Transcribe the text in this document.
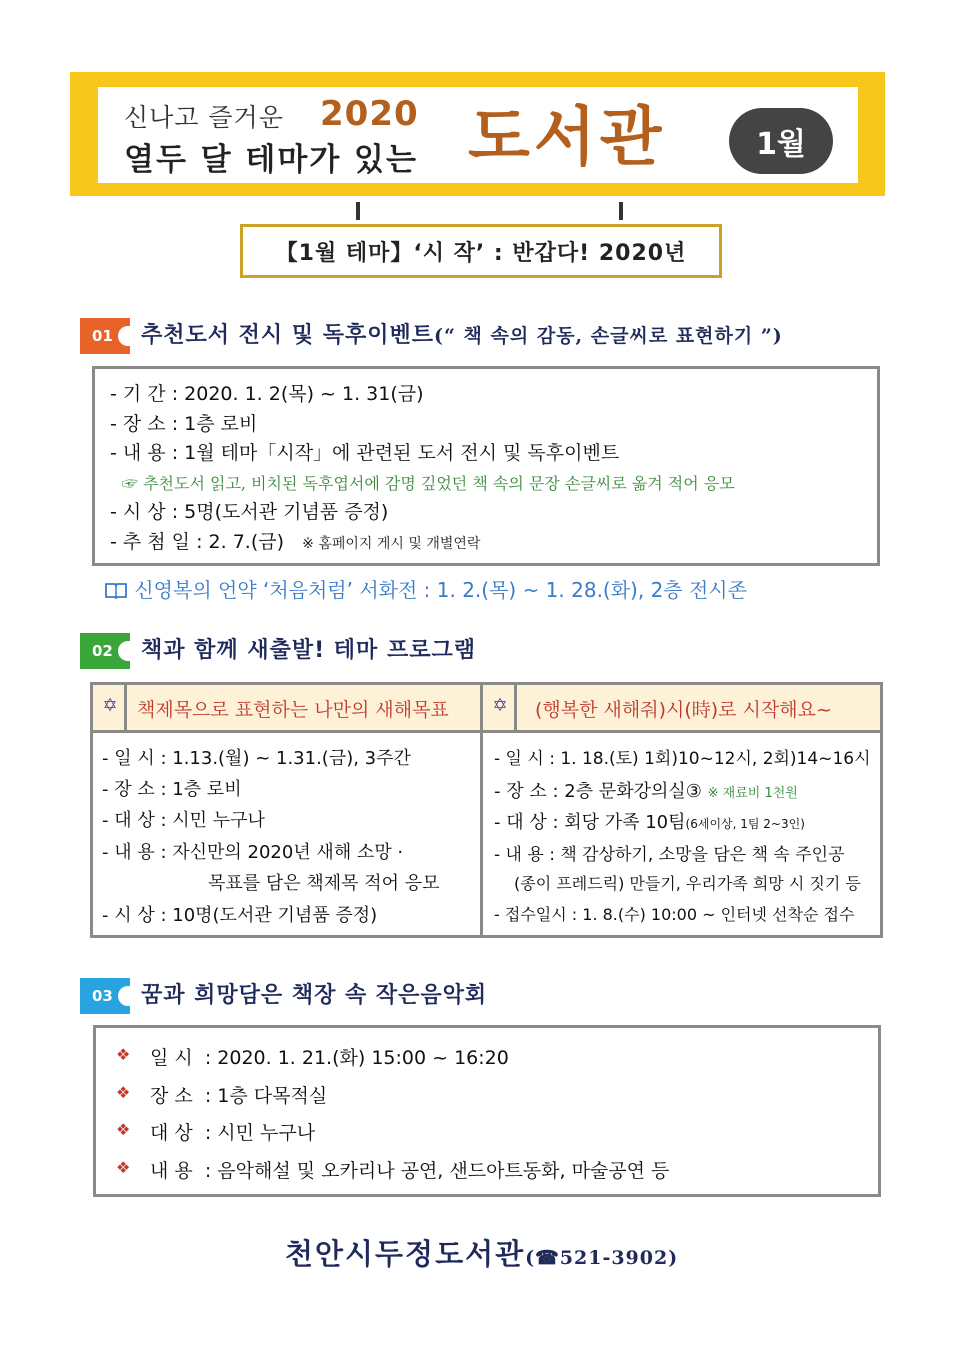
신나고 즐거운 2020
열두 달 테마가 있는 도서관	1월
【1월 테마】‘시 작’ : 반갑다! 2020년
01	추천도서 전시 및 독후이벤트(“ 책 속의 감동, 손글씨로 표현하기 ”)
- 기 간 : 2020. 1. 2(목) ~ 1. 31(금)
- 장 소 : 1층 로비
- 내 용 : 1월 테마「시작」에 관련된 도서 전시 및 독후이벤트
☞ 추천도서 읽고, 비치된 독후엽서에 감명 깊었던 책 속의 문장 손글씨로 옮겨 적어 응모
- 시 상 : 5명(도서관 기념품 증정)
- 추 첨 일 : 2. 7.(금) ※ 홈페이지 게시 및 개별연락
신영복의 언약 ‘처음처럼’ 서화전 : 1. 2.(목) ~ 1. 28.(화), 2층 전시존
02	책과 함께 새출발! 테마 프로그램
✡ 책제목으로 표현하는 나만의 새해목표 ✡ (행복한 새해줘)시(時)로 시작해요~
- 일 시 : 1.13.(월) ~ 1.31.(금), 3주간
- 장 소 : 1층 로비
- 대 상 : 시민 누구나
- 내 용 : 자신만의 2020년 새해 소망 ·
목표를 담은 책제목 적어 응모
- 시 상 : 10명(도서관 기념품 증정)
- 일 시 : 1. 18.(토) 1회)10~12시, 2회)14~16시
- 장 소 : 2층 문화강의실③ ※ 재료비 1천원
- 대 상 : 회당 가족 10팀(6세이상, 1팀 2~3인)
- 내 용 : 책 감상하기, 소망을 담은 책 속 주인공
(종이 프레드릭) 만들기, 우리가족 희망 시 짓기 등
- 접수일시 : 1. 8.(수) 10:00 ~ 인터넷 선착순 접수
03	꿈과 희망담은 책장 속 작은음악회
❖ 일 시 : 2020. 1. 21.(화) 15:00 ~ 16:20
❖ 장 소 : 1층 다목적실
❖ 대 상 : 시민 누구나
❖ 내 용 : 음악해설 및 오카리나 공연, 샌드아트동화, 마술공연 등
천안시두정도서관(☎521-3902)
